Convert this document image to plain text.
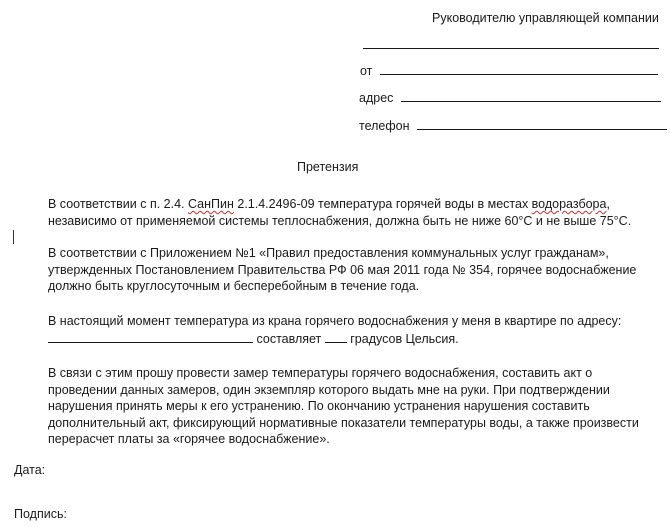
Руководителю управляющей компании
от
адрес
телефон
Претензия
В соответствии с п. 2.4. СанПин 2.1.4.2496-09 температура горячей воды в местах водоразбора,
независимо от применяемой системы теплоснабжения, должна быть не ниже 60°С и не выше 75°С.
В соответствии с Приложением №1 «Правил предоставления коммунальных услуг гражданам»,
утвержденных Постановлением Правительства РФ 06 мая 2011 года № 354, горячее водоснабжение
должно быть круглосуточным и бесперебойным в течение года.
В настоящий момент температура из крана горячего водоснабжения у меня в квартире по адресу:
составляет  градусов Цельсия.
В связи с этим прошу провести замер температуры горячего водоснабжения, составить акт о
проведении данных замеров, один экземпляр которого выдать мне на руки. При подтверждении
нарушения принять меры к его устранению. По окончанию устранения нарушения составить
дополнительный акт, фиксирующий нормативные показатели температуры воды, а также произвести
перерасчет платы за «горячее водоснабжение».
Дата:
Подпись:
